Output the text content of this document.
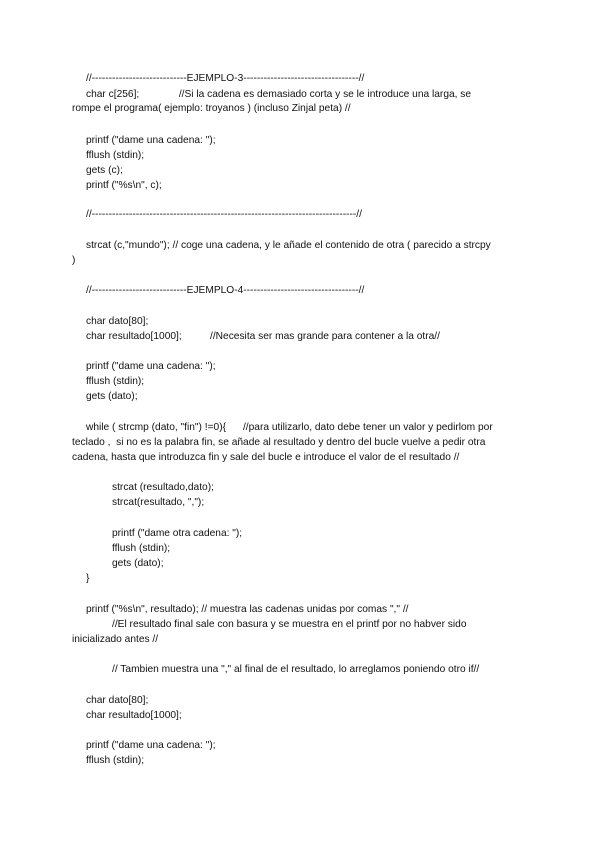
//----------------------------EJEMPLO-3----------------------------------//
char c[256];              //Si la cadena es demasiado corta y se le introduce una larga, se
rompe el programa( ejemplo: troyanos ) (incluso Zinjal peta) //
printf ("dame una cadena: ");
fflush (stdin);
gets (c);
printf ("%s\n", c);
//------------------------------------------------------------------------------//
strcat (c,"mundo"); // coge una cadena, y le añade el contenido de otra ( parecido a strcpy
)
//----------------------------EJEMPLO-4----------------------------------//
char dato[80];
char resultado[1000];          //Necesita ser mas grande para contener a la otra//
printf ("dame una cadena: ");
fflush (stdin);
gets (dato);
while ( strcmp (dato, "fin") !=0){      //para utilizarlo, dato debe tener un valor y pedirlom por
teclado ,  si no es la palabra fin, se añade al resultado y dentro del bucle vuelve a pedir otra
cadena, hasta que introduzca fin y sale del bucle e introduce el valor de el resultado //
strcat (resultado,dato);
strcat(resultado, ",");
printf ("dame otra cadena: ");
fflush (stdin);
gets (dato);
}
printf ("%s\n", resultado); // muestra las cadenas unidas por comas "," //
//El resultado final sale con basura y se muestra en el printf por no habver sido
inicializado antes //
// Tambien muestra una "," al final de el resultado, lo arreglamos poniendo otro if//
char dato[80];
char resultado[1000];
printf ("dame una cadena: ");
fflush (stdin);
